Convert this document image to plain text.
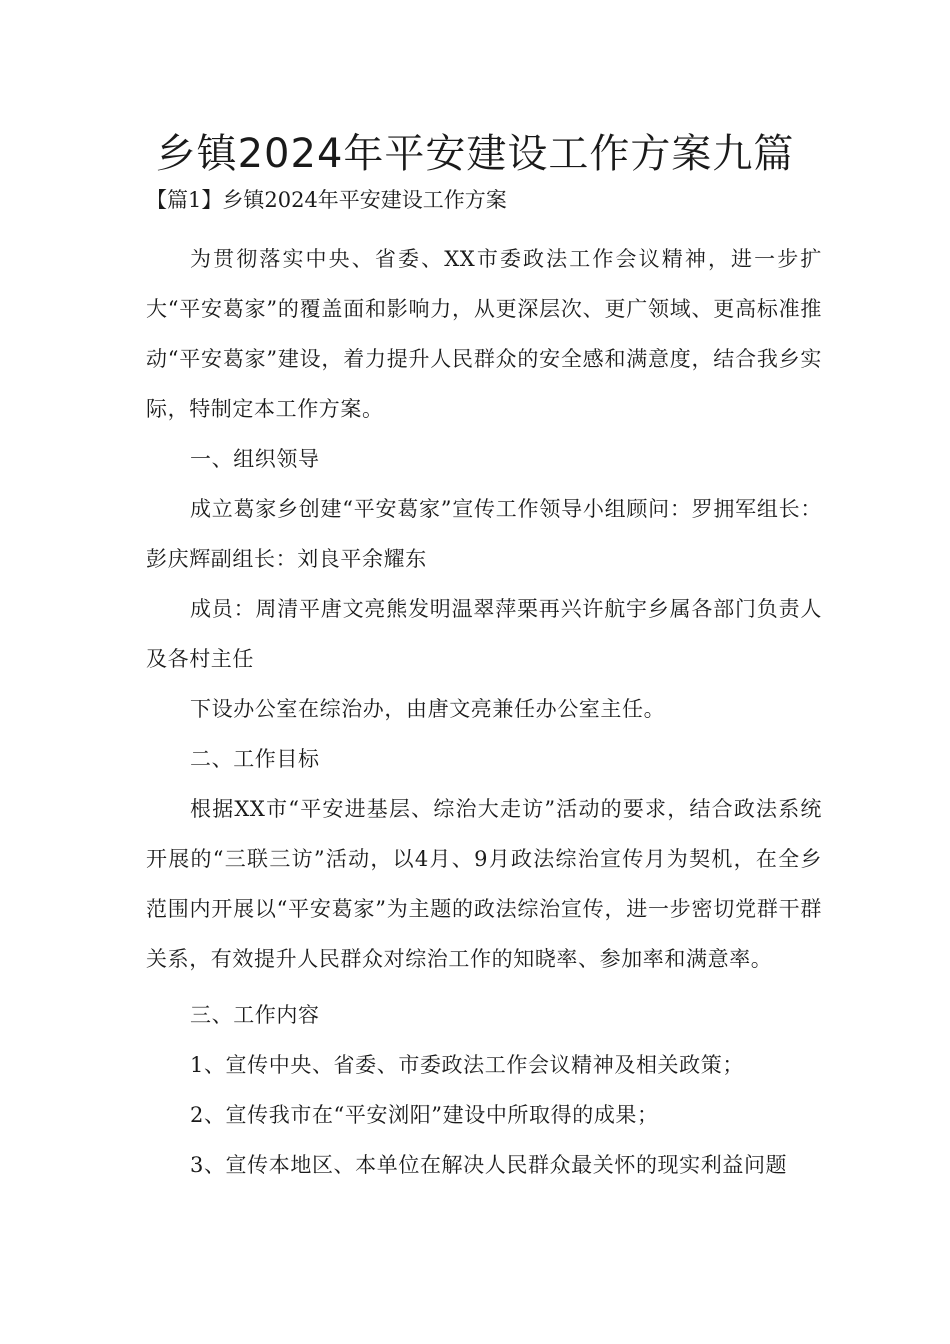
乡镇2024年平安建设工作方案九篇

【篇1】乡镇2024年平安建设工作方案

为贯彻落实中央、省委、XX市委政法工作会议精神，进一步扩大“平安葛家”的覆盖面和影响力，从更深层次、更广领域、更高标准推动“平安葛家”建设，着力提升人民群众的安全感和满意度，结合我乡实际，特制定本工作方案。

一、组织领导

成立葛家乡创建“平安葛家”宣传工作领导小组顾问：罗拥军组长：彭庆辉副组长：刘良平余耀东

成员：周清平唐文亮熊发明温翠萍栗再兴许航宇乡属各部门负责人及各村主任

下设办公室在综治办，由唐文亮兼任办公室主任。

二、工作目标

根据XX市“平安进基层、综治大走访”活动的要求，结合政法系统开展的“三联三访”活动，以4月、9月政法综治宣传月为契机，在全乡范围内开展以“平安葛家”为主题的政法综治宣传，进一步密切党群干群关系，有效提升人民群众对综治工作的知晓率、参加率和满意率。

三、工作内容

1、宣传中央、省委、市委政法工作会议精神及相关政策；

2、宣传我市在“平安浏阳”建设中所取得的成果；

3、宣传本地区、本单位在解决人民群众最关怀的现实利益问题
